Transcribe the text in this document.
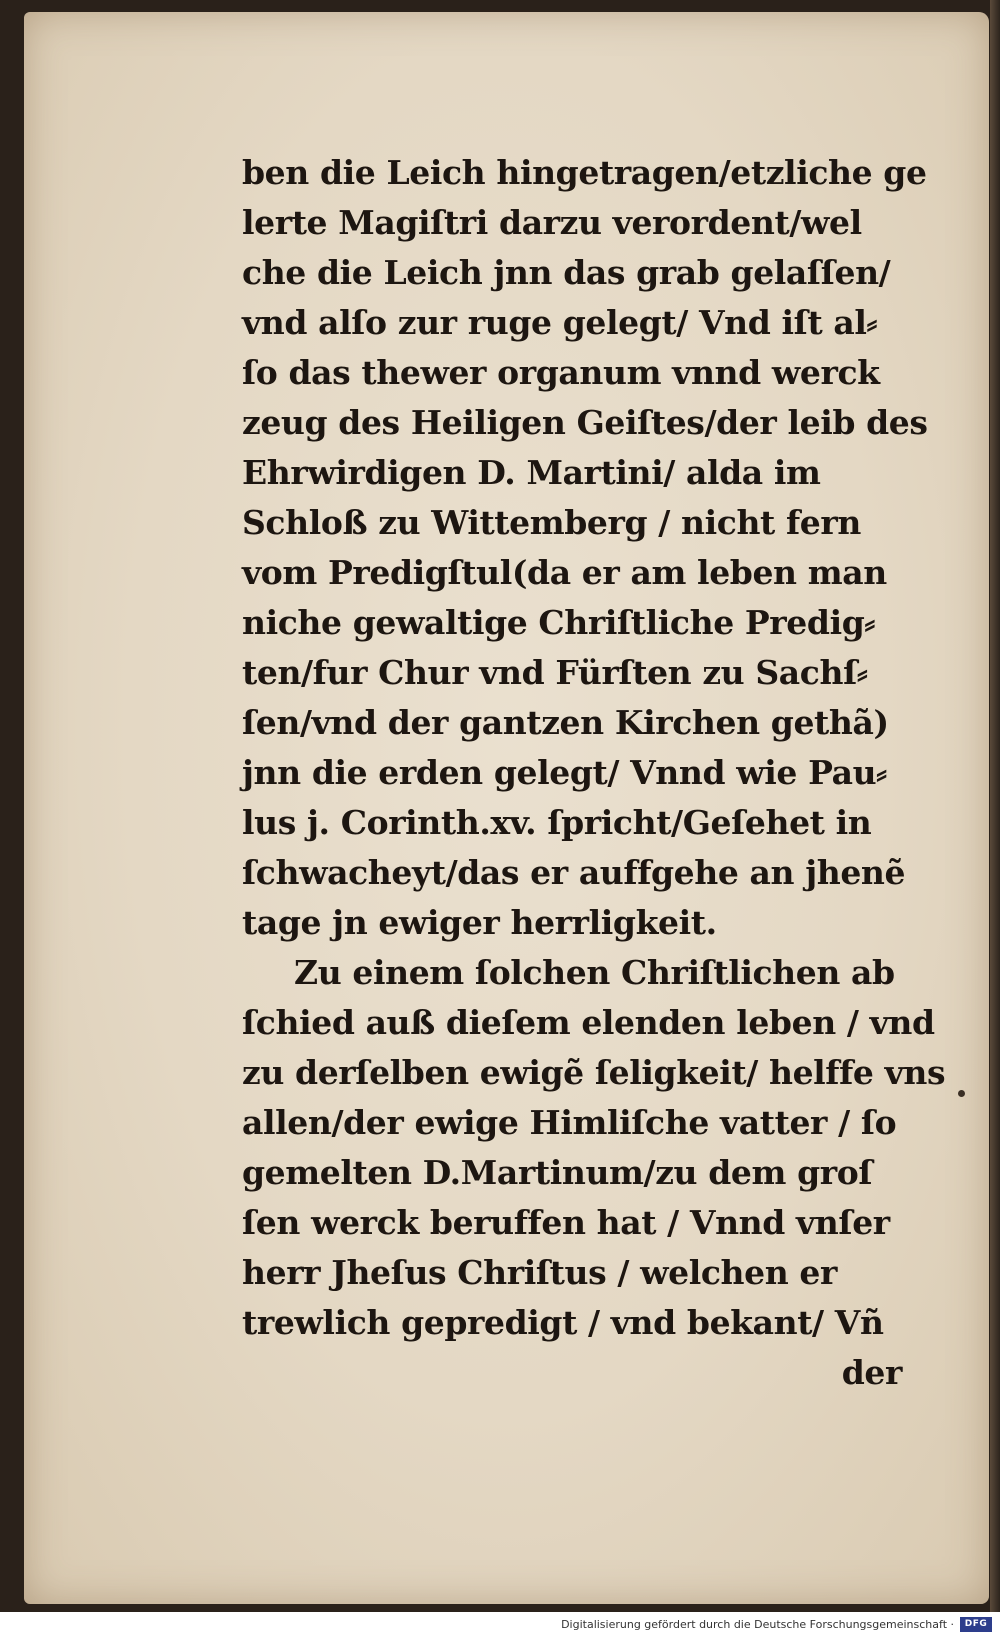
ben die Leich hingetragen/etzliche ge
lerte Magiſtri darzu verordent/wel
che die Leich jnn das grab gelaſſen/
vnd alſo zur ruge gelegt/ Vnd iſt al⸗
ſo das thewer organum vnnd werck
zeug des Heiligen Geiſtes/der leib des
Ehrwirdigen D. Martini/ alda im
Schloß zu Wittemberg / nicht fern
vom Predigſtul(da er am leben man
niche gewaltige Chriſtliche Predig⸗
ten/fur Chur vnd Fürſten zu Sachſ⸗
ſen/vnd der gantzen Kirchen gethã)
jnn die erden gelegt/ Vnnd wie Pau⸗
lus j. Corinth.xv. ſpricht/Geſehet in
ſchwacheyt/das er auffgehe an jhenẽ
tage jn ewiger herrligkeit.
Zu einem ſolchen Chriſtlichen ab
ſchied auß dieſem elenden leben / vnd
zu derſelben ewigẽ ſeligkeit/ helffe vns
allen/der ewige Himliſche vatter / ſo
gemelten D.Martinum/zu dem groſ
ſen werck beruffen hat / Vnnd vnſer
herr Jheſus Chriſtus / welchen er
trewlich gepredigt / vnd bekant/ Vñ
der
Digitalisierung gefördert durch die Deutsche Forschungsgemeinschaft ·	DFG
